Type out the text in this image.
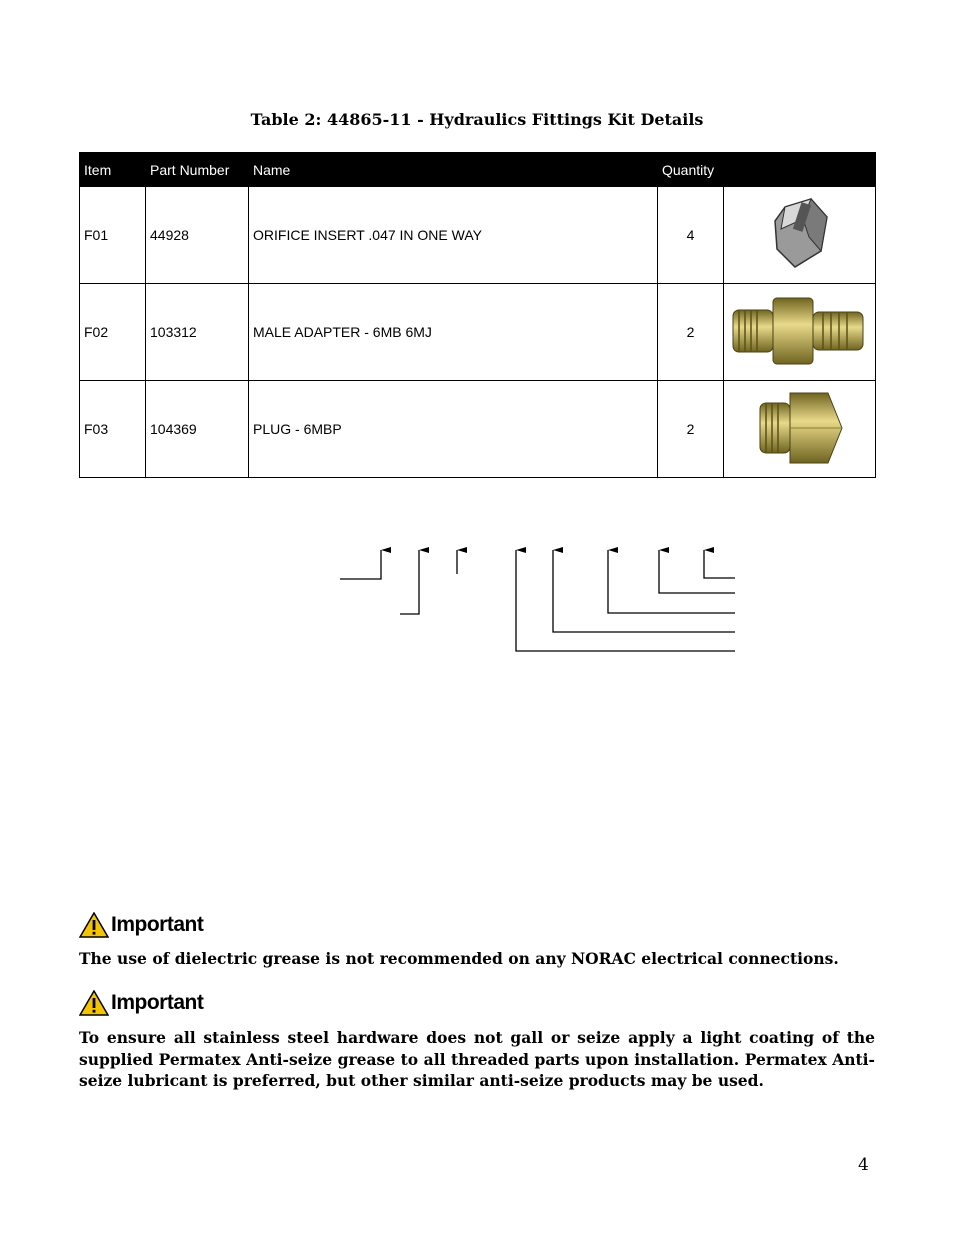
Table 2: 44865-11 - Hydraulics Fittings Kit Details
Item	Part Number	Name	Quantity	
F01	44928	ORIFICE INSERT .047 IN ONE WAY	4	
F02	103312	MALE ADAPTER - 6MB 6MJ	2	
F03	104369	PLUG - 6MBP	2	
Important
The use of dielectric grease is not recommended on any NORAC electrical connections.
Important
To ensure all stainless steel hardware does not gall or seize apply a light coating of the supplied Permatex Anti-seize grease to all threaded parts upon installation. Permatex Anti-seize lubricant is preferred, but other similar anti-seize products may be used.
4
